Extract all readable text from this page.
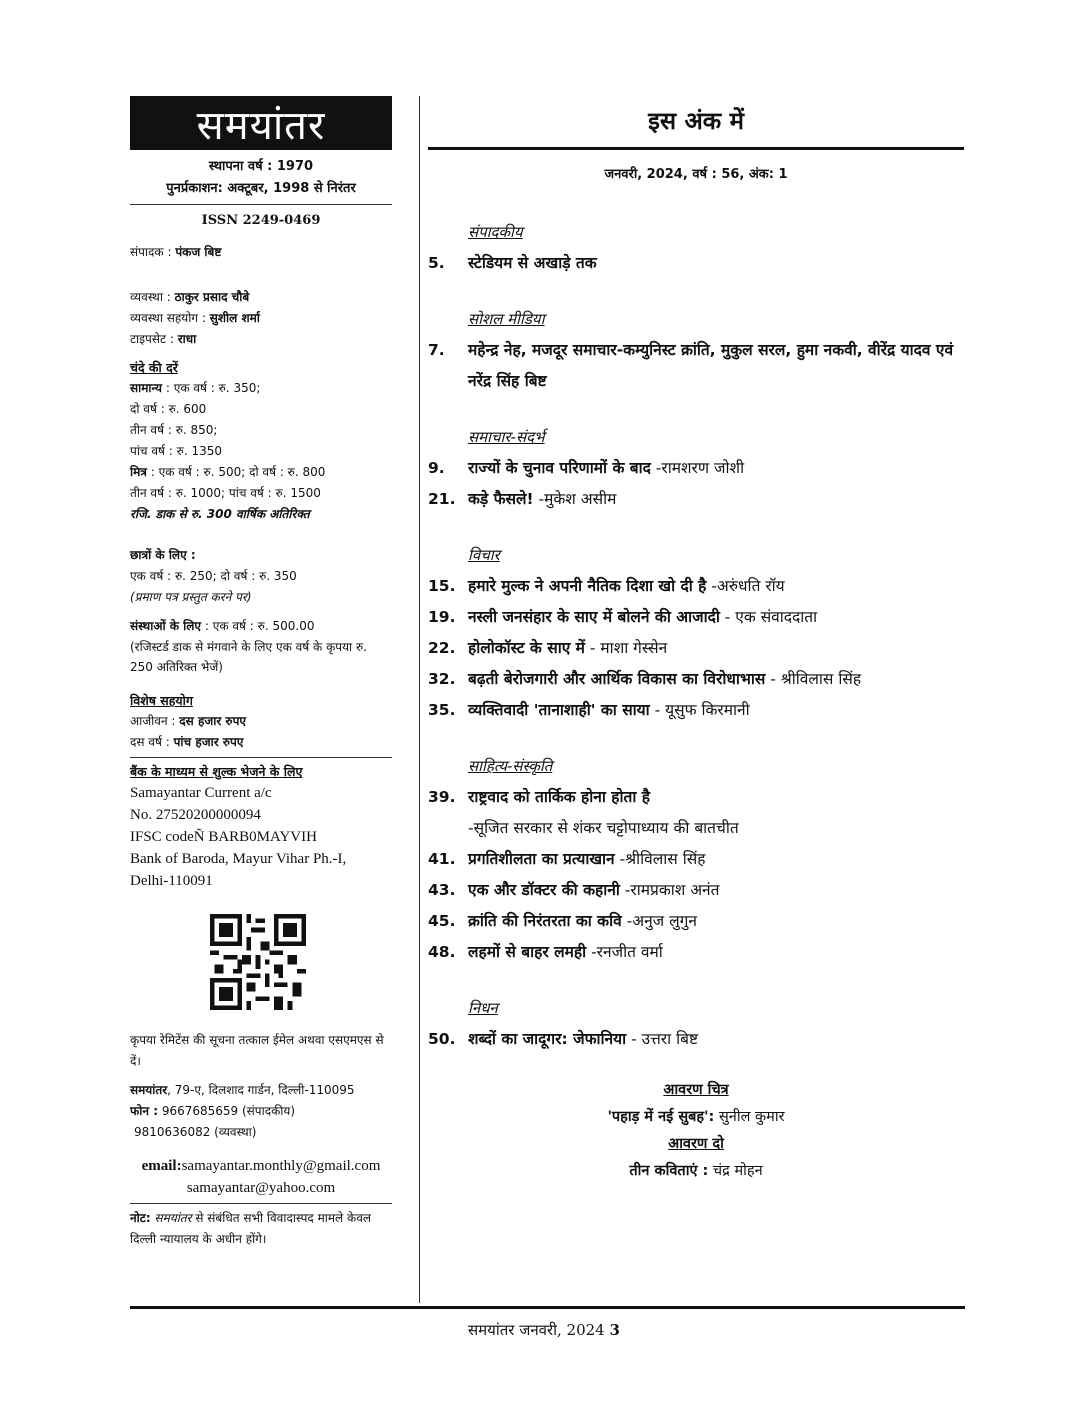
समयांतर
स्थापना वर्ष : 1970
पुनर्प्रकाशन: अक्टूबर, 1998 से निरंतर
ISSN 2249-0469
संपादक : पंकज बिष्ट
व्यवस्था : ठाकुर प्रसाद चौबे
व्यवस्था सहयोग : सुशील शर्मा
टाइपसेट : राधा
चंदे की दरें
सामान्य : एक वर्ष : रु. 350;
दो वर्ष : रु. 600
तीन वर्ष : रु. 850;
पांच वर्ष : रु. 1350
मित्र : एक वर्ष : रु. 500; दो वर्ष : रु. 800
तीन वर्ष : रु. 1000; पांच वर्ष : रु. 1500
रजि. डाक से रु. 300 वार्षिक अतिरिक्त
छात्रों के लिए :
एक वर्ष : रु. 250; दो वर्ष : रु. 350
(प्रमाण पत्र प्रस्तुत करने पर)
संस्थाओं के लिए : एक वर्ष : रु. 500.00
(रजिस्टर्ड डाक से मंगवाने के लिए एक वर्ष के कृपया रु. 250 अतिरिक्त भेजें)
विशेष सहयोग
आजीवन : दस हजार रुपए
दस वर्ष : पांच हजार रुपए
बैंक के माध्यम से शुल्क भेजने के लिए
Samayantar Current a/c
No. 27520200000094
IFSC codeÑ BARB0MAYVIH
Bank of Baroda, Mayur Vihar Ph.-I,
Delhi-110091
कृपया रेमिटेंस की सूचना तत्काल ईमेल अथवा एसएमएस से दें।
समयांतर, 79-ए, दिलशाद गार्डन, दिल्ली-110095
फोन : 9667685659 (संपादकीय)
9810636082 (व्यवस्था)
email:samayantar.monthly@gmail.com
samayantar@yahoo.com
नोट: समयांतर से संबंधित सभी विवादास्पद मामले केवल दिल्ली न्यायालय के अधीन होंगे।
इस अंक में
जनवरी, 2024, वर्ष : 56, अंक: 1
संपादकीय
5.	स्टेडियम से अखाड़े तक
सोशल मीडिया
7.	महेन्द्र नेह, मजदूर समाचार-कम्युनिस्ट क्रांति, मुकुल सरल, हुमा नकवी, वीरेंद्र यादव एवं नरेंद्र सिंह बिष्ट
समाचार-संदर्भ
9.	राज्यों के चुनाव परिणामों के बाद -रामशरण जोशी
21. कड़े फैसले! -मुकेश असीम
विचार
15. हमारे मुल्क ने अपनी नैतिक दिशा खो दी है -अरुंधति रॉय
19. नस्ली जनसंहार के साए में बोलने की आजादी - एक संवाददाता
22. होलोकॉस्ट के साए में - माशा गेस्सेन
32. बढ़ती बेरोजगारी और आर्थिक विकास का विरोधाभास - श्रीविलास सिंह
35. व्यक्तिवादी 'तानाशाही' का साया - यूसुफ किरमानी
साहित्य-संस्कृति
39. राष्ट्रवाद को तार्किक होना होता है
-सूजित सरकार से शंकर चट्टोपाध्याय की बातचीत
41. प्रगतिशीलता का प्रत्याखान -श्रीविलास सिंह
43. एक और डॉक्टर की कहानी -रामप्रकाश अनंत
45. क्रांति की निरंतरता का कवि -अनुज लुगुन
48. लहमों से बाहर लमही -रनजीत वर्मा
निधन
50. शब्दों का जादूगर: जेफानिया - उत्तरा बिष्ट
आवरण चित्र
'पहाड़ में नई सुबह': सुनील कुमार
आवरण दो
तीन कविताएं : चंद्र मोहन
समयांतर जनवरी, 2024 3
